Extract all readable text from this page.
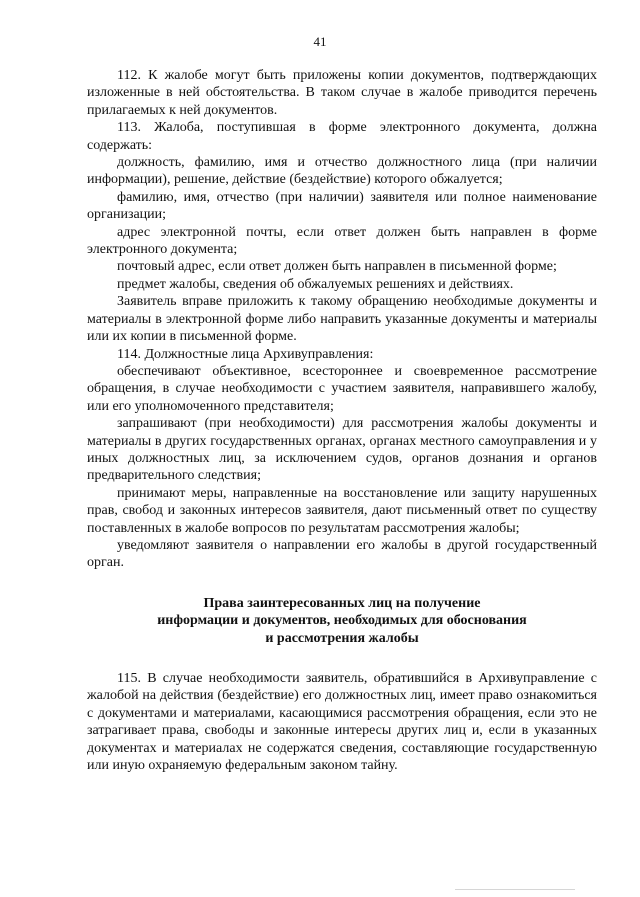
41

112. К жалобе могут быть приложены копии документов, подтверждающих изложенные в ней обстоятельства. В таком случае в жалобе приводится перечень прилагаемых к ней документов.

113. Жалоба, поступившая в форме электронного документа, должна содержать:

должность, фамилию, имя и отчество должностного лица (при наличии информации), решение, действие (бездействие) которого обжалуется;

фамилию, имя, отчество (при наличии) заявителя или полное наименование организации;

адрес электронной почты, если ответ должен быть направлен в форме электронного документа;

почтовый адрес, если ответ должен быть направлен в письменной форме;

предмет жалобы, сведения об обжалуемых решениях и действиях.

Заявитель вправе приложить к такому обращению необходимые документы и материалы в электронной форме либо направить указанные документы и материалы или их копии в письменной форме.

114. Должностные лица Архивуправления:

обеспечивают объективное, всестороннее и своевременное рассмотрение обращения, в случае необходимости с участием заявителя, направившего жалобу, или его уполномоченного представителя;

запрашивают (при необходимости) для рассмотрения жалобы документы и материалы в других государственных органах, органах местного самоуправления и у иных должностных лиц, за исключением судов, органов дознания и органов предварительного следствия;

принимают меры, направленные на восстановление или защиту нарушенных прав, свобод и законных интересов заявителя, дают письменный ответ по существу поставленных в жалобе вопросов по результатам рассмотрения жалобы;

уведомляют заявителя о направлении его жалобы в другой государственный орган.

Права заинтересованных лиц на получение
информации и документов, необходимых для обоснования
и рассмотрения жалобы

115. В случае необходимости заявитель, обратившийся в Архивуправление с жалобой на действия (бездействие) его должностных лиц, имеет право ознакомиться с документами и материалами, касающимися рассмотрения обращения, если это не затрагивает права, свободы и законные интересы других лиц и, если в указанных документах и материалах не содержатся сведения, составляющие государственную или иную охраняемую федеральным законом тайну.
